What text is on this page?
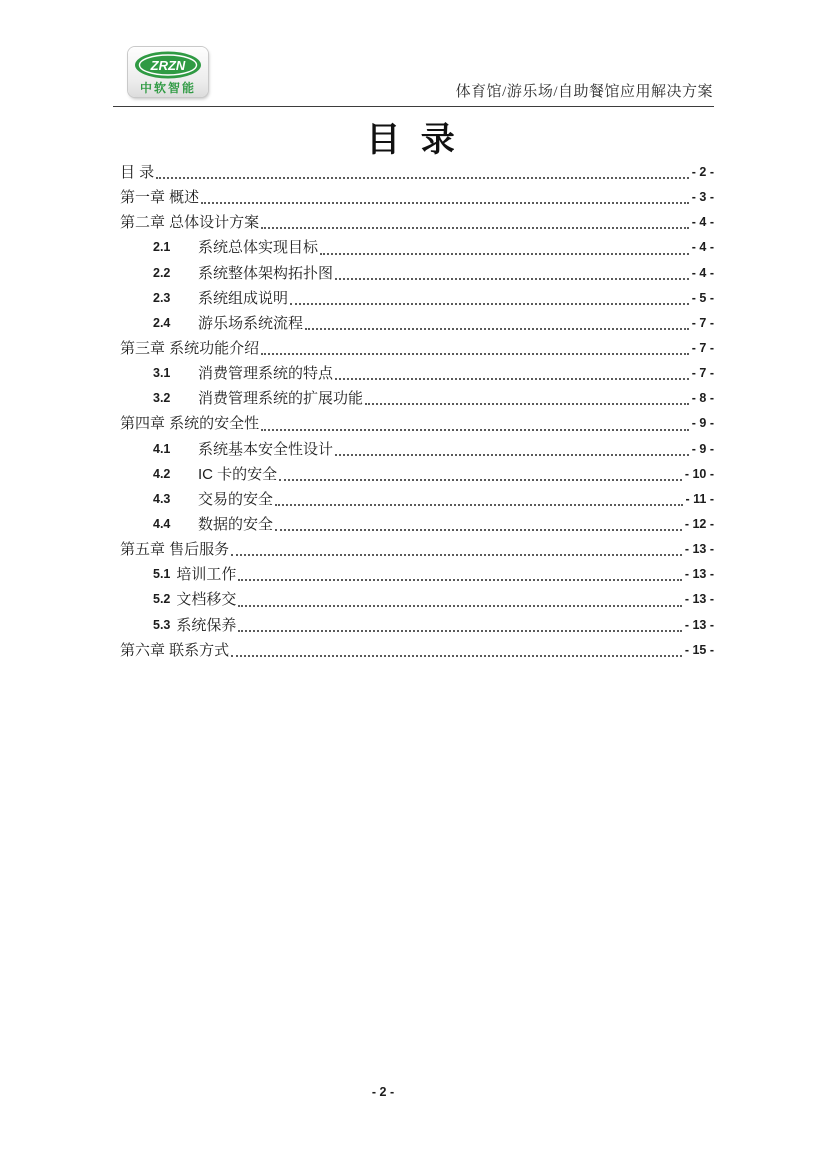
ZRZN
中软智能	体育馆/游乐场/自助餐馆应用解决方案
目 录
目 录	- 2 -
第一章 概述	- 3 -
第二章 总体设计方案	- 4 -
2.1	系统总体实现目标	- 4 -
2.2	系统整体架构拓扑图	- 4 -
2.3	系统组成说明	- 5 -
2.4	游乐场系统流程	- 7 -
第三章 系统功能介绍	- 7 -
3.1	消费管理系统的特点	- 7 -
3.2	消费管理系统的扩展功能	- 8 -
第四章 系统的安全性	- 9 -
4.1	系统基本安全性设计	- 9 -
4.2	IC 卡的安全	- 10 -
4.3	交易的安全	- 11 -
4.4	数据的安全	- 12 -
第五章 售后服务	- 13 -
5.1 培训工作	- 13 -
5.2 文档移交	- 13 -
5.3 系统保养	- 13 -
第六章 联系方式	- 15 -
- 2 -
